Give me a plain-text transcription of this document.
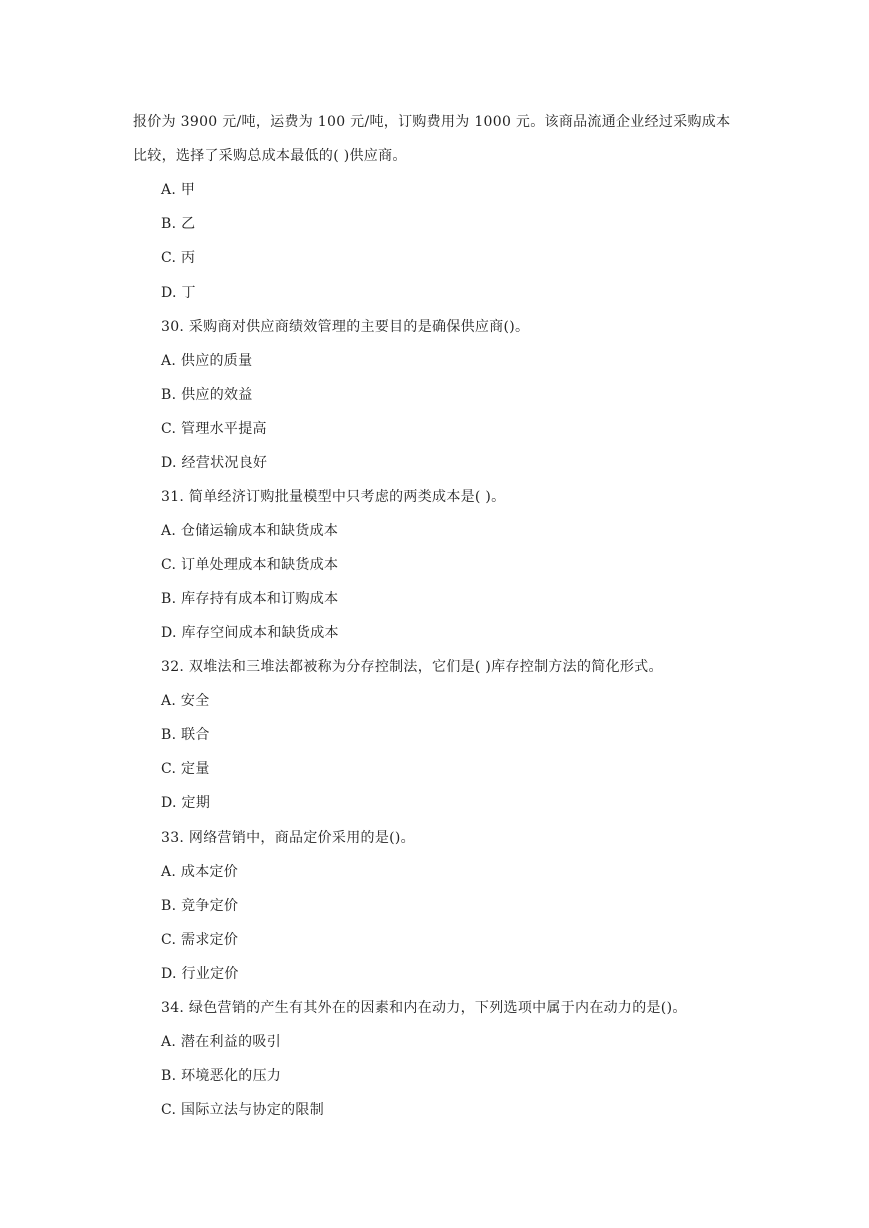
报价为 3900 元/吨，运费为 100 元/吨，订购费用为 1000 元。该商品流通企业经过采购成本
比较，选择了采购总成本最低的( )供应商。
A. 甲
B. 乙
C. 丙
D. 丁
30. 采购商对供应商绩效管理的主要目的是确保供应商()。
A. 供应的质量
B. 供应的效益
C. 管理水平提高
D. 经营状况良好
31. 简单经济订购批量模型中只考虑的两类成本是( )。
A. 仓储运输成本和缺货成本
C. 订单处理成本和缺货成本
B. 库存持有成本和订购成本
D. 库存空间成本和缺货成本
32. 双堆法和三堆法都被称为分存控制法，它们是( )库存控制方法的简化形式。
A. 安全
B. 联合
C. 定量
D. 定期
33. 网络营销中，商品定价采用的是()。
A. 成本定价
B. 竞争定价
C. 需求定价
D. 行业定价
34. 绿色营销的产生有其外在的因素和内在动力，下列选项中属于内在动力的是()。
A. 潜在利益的吸引
B. 环境恶化的压力
C. 国际立法与协定的限制
